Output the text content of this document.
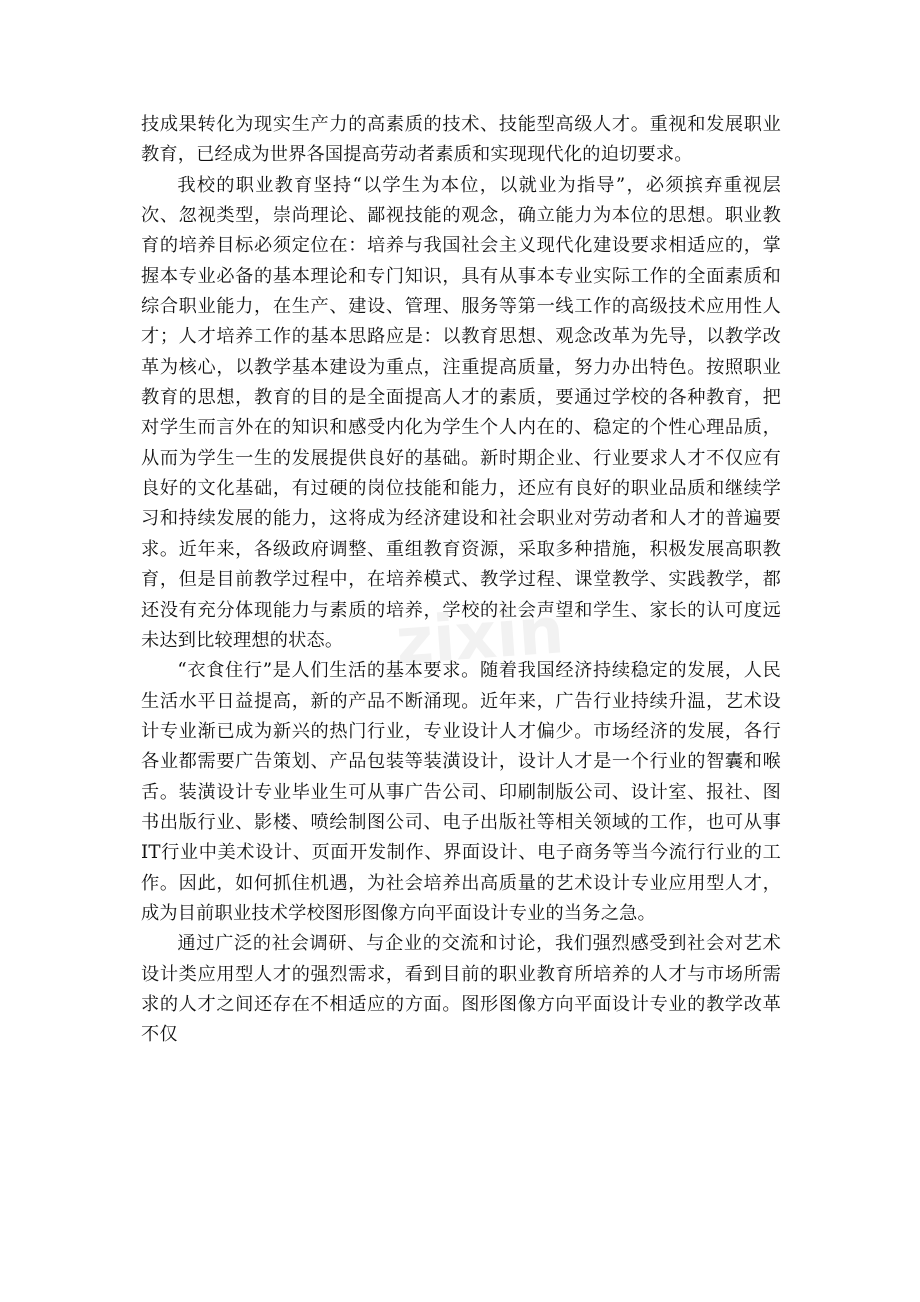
技成果转化为现实生产力的高素质的技术、技能型高级人才。重视和发展职业教育，已经成为世界各国提高劳动者素质和实现现代化的迫切要求。

我校的职业教育坚持“以学生为本位，以就业为指导”，必须摈弃重视层次、忽视类型，崇尚理论、鄙视技能的观念，确立能力为本位的思想。职业教育的培养目标必须定位在：培养与我国社会主义现代化建设要求相适应的，掌握本专业必备的基本理论和专门知识，具有从事本专业实际工作的全面素质和综合职业能力，在生产、建设、管理、服务等第一线工作的高级技术应用性人才；人才培养工作的基本思路应是：以教育思想、观念改革为先导，以教学改革为核心，以教学基本建设为重点，注重提高质量，努力办出特色。按照职业教育的思想，教育的目的是全面提高人才的素质，要通过学校的各种教育，把对学生而言外在的知识和感受内化为学生个人内在的、稳定的个性心理品质，从而为学生一生的发展提供良好的基础。新时期企业、行业要求人才不仅应有良好的文化基础，有过硬的岗位技能和能力，还应有良好的职业品质和继续学习和持续发展的能力，这将成为经济建设和社会职业对劳动者和人才的普遍要求。近年来，各级政府调整、重组教育资源，采取多种措施，积极发展高职教育，但是目前教学过程中，在培养模式、教学过程、课堂教学、实践教学，都还没有充分体现能力与素质的培养，学校的社会声望和学生、家长的认可度远未达到比较理想的状态。

“衣食住行”是人们生活的基本要求。随着我国经济持续稳定的发展，人民生活水平日益提高，新的产品不断涌现。近年来，广告行业持续升温，艺术设计专业渐已成为新兴的热门行业，专业设计人才偏少。市场经济的发展，各行各业都需要广告策划、产品包装等装潢设计，设计人才是一个行业的智囊和喉舌。装潢设计专业毕业生可从事广告公司、印刷制版公司、设计室、报社、图书出版行业、影楼、喷绘制图公司、电子出版社等相关领域的工作，也可从事IT行业中美术设计、页面开发制作、界面设计、电子商务等当今流行行业的工作。因此，如何抓住机遇，为社会培养出高质量的艺术设计专业应用型人才，成为目前职业技术学校图形图像方向平面设计专业的当务之急。

通过广泛的社会调研、与企业的交流和讨论，我们强烈感受到社会对艺术设计类应用型人才的强烈需求，看到目前的职业教育所培养的人才与市场所需求的人才之间还存在不相适应的方面。图形图像方向平面设计专业的教学改革不仅

zixin
